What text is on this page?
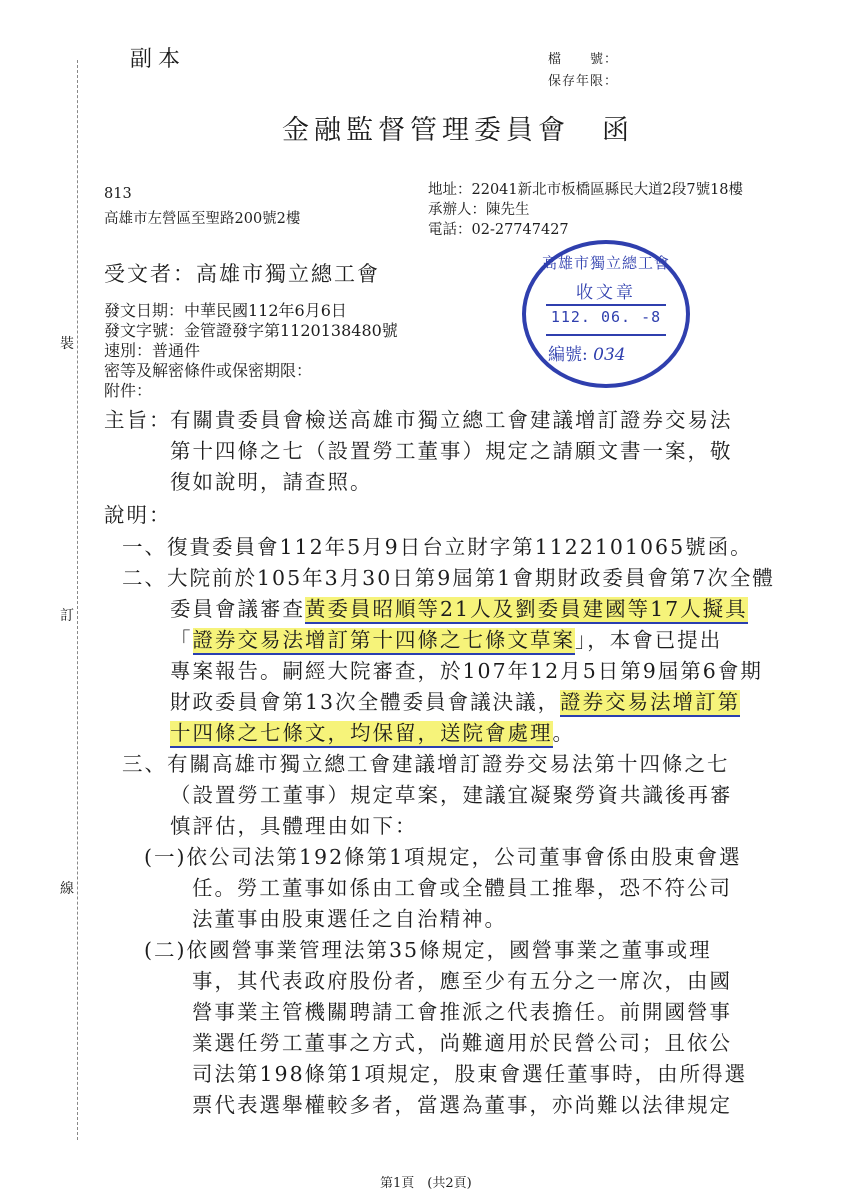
裝
訂
線
副本	檔　　號：
保存年限：
金融監督管理委員會　函
813
高雄市左營區至聖路200號2樓
地址：22041新北市板橋區縣民大道2段7號18樓
承辦人：陳先生
電話：02-27747427
受文者：高雄市獨立總工會
發文日期：中華民國112年6月6日
發文字號：金管證發字第1120138480號
速別：普通件
密等及解密條件或保密期限：
附件：
高雄市獨立總工會
收文章
112. 06. -8
編號: 034
主旨：
有關貴委員會檢送高雄市獨立總工會建議增訂證券交易法
第十四條之七（設置勞工董事）規定之請願文書一案，敬
復如說明，請查照。
說明：
一、復貴委員會112年5月9日台立財字第1122101065號函。
二、大院前於105年3月30日第9屆第1會期財政委員會第7次全體
委員會議審查黃委員昭順等21人及劉委員建國等17人擬具
「證券交易法增訂第十四條之七條文草案」，本會已提出
專案報告。嗣經大院審查，於107年12月5日第9屆第6會期
財政委員會第13次全體委員會議決議，證券交易法增訂第
十四條之七條文，均保留，送院會處理。
三、有關高雄市獨立總工會建議增訂證券交易法第十四條之七
（設置勞工董事）規定草案，建議宜凝聚勞資共識後再審
慎評估，具體理由如下：
(一)依公司法第192條第1項規定，公司董事會係由股東會選
任。勞工董事如係由工會或全體員工推舉，恐不符公司
法董事由股東選任之自治精神。
(二)依國營事業管理法第35條規定，國營事業之董事或理
事，其代表政府股份者，應至少有五分之一席次，由國
營事業主管機關聘請工會推派之代表擔任。前開國營事
業選任勞工董事之方式，尚難適用於民營公司；且依公
司法第198條第1項規定，股東會選任董事時，由所得選
票代表選舉權較多者，當選為董事，亦尚難以法律規定
第1頁　(共2頁)
